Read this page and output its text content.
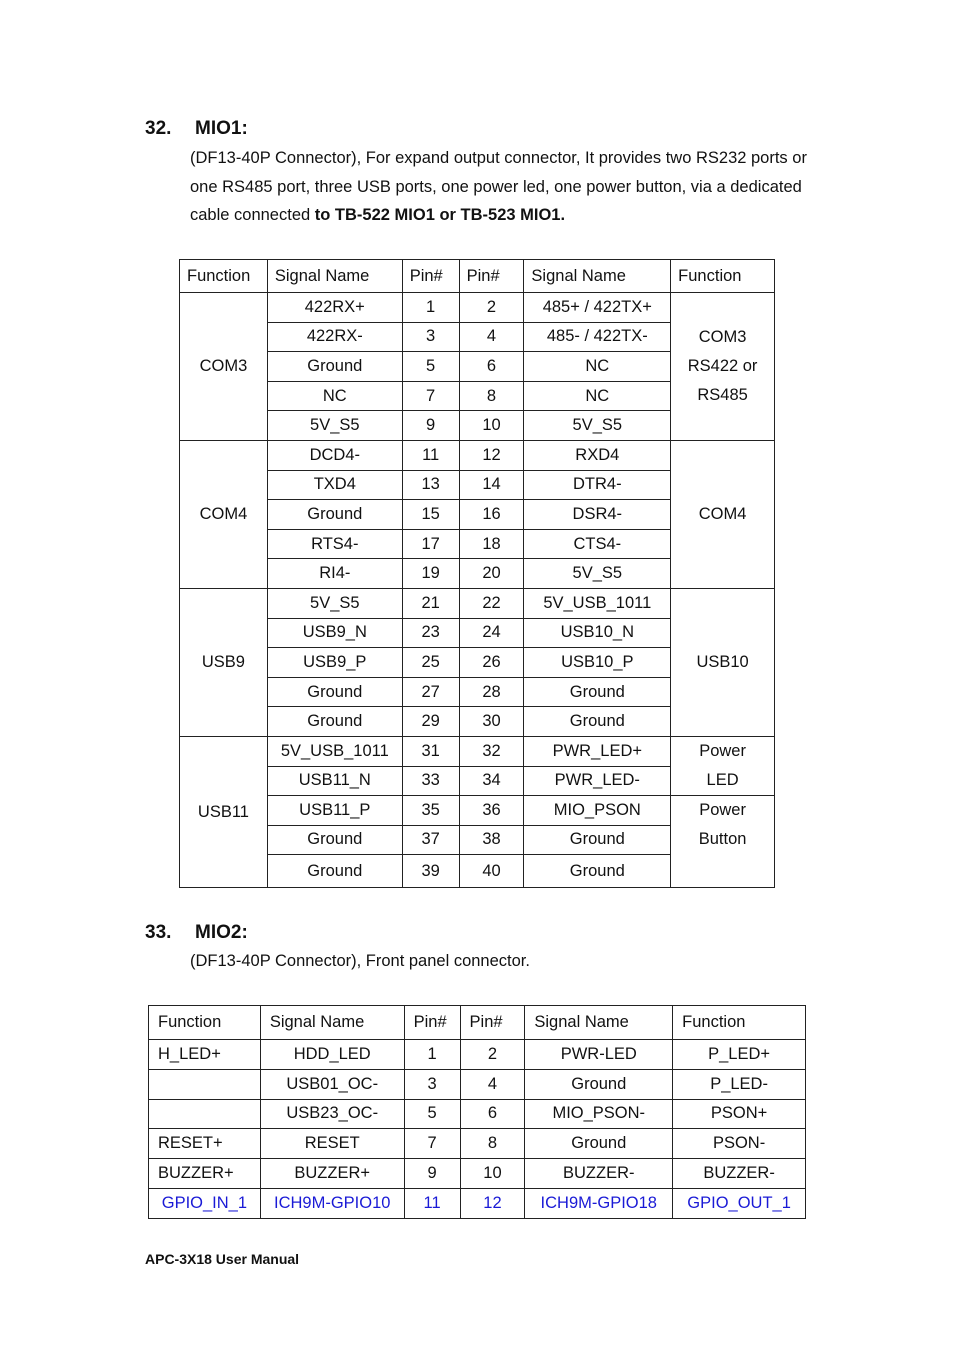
32. MIO1:
(DF13-40P Connector), For expand output connector, It provides two RS232 ports or one RS485 port, three USB ports, one power led, one power button, via a dedicated cable connected to TB-522 MIO1 or TB-523 MIO1.
Function	Signal Name	Pin#	Pin#	Signal Name	Function
COM3	422RX+	1	2	485+ / 422TX+	COM3
RS422 or
RS485
	422RX-	3	4	485- / 422TX-	
	Ground	5	6	NC	
	NC	7	8	NC	
	5V_S5	9	10	5V_S5	
COM4	DCD4-	11	12	RXD4	COM4
	TXD4	13	14	DTR4-	
	Ground	15	16	DSR4-	
	RTS4-	17	18	CTS4-	
	RI4-	19	20	5V_S5	
USB9	5V_S5	21	22	5V_USB_1011	USB10
	USB9_N	23	24	USB10_N	
	USB9_P	25	26	USB10_P	
	Ground	27	28	Ground	
	Ground	29	30	Ground	
USB11	5V_USB_1011	31	32	PWR_LED+	Power
LED
	USB11_N	33	34	PWR_LED-	
	USB11_P	35	36	MIO_PSON	Power
Button
	Ground	37	38	Ground	
	Ground	39	40	Ground	
33. MIO2:
(DF13-40P Connector), Front panel connector.
Function	Signal Name	Pin#	Pin#	Signal Name	Function
H_LED+	HDD_LED	1	2	PWR-LED	P_LED+
	USB01_OC-	3	4	Ground	P_LED-
	USB23_OC-	5	6	MIO_PSON-	PSON+
RESET+	RESET	7	8	Ground	PSON-
BUZZER+	BUZZER+	9	10	BUZZER-	BUZZER-
GPIO_IN_1	ICH9M-GPIO10	11	12	ICH9M-GPIO18	GPIO_OUT_1
APC-3X18 User Manual
